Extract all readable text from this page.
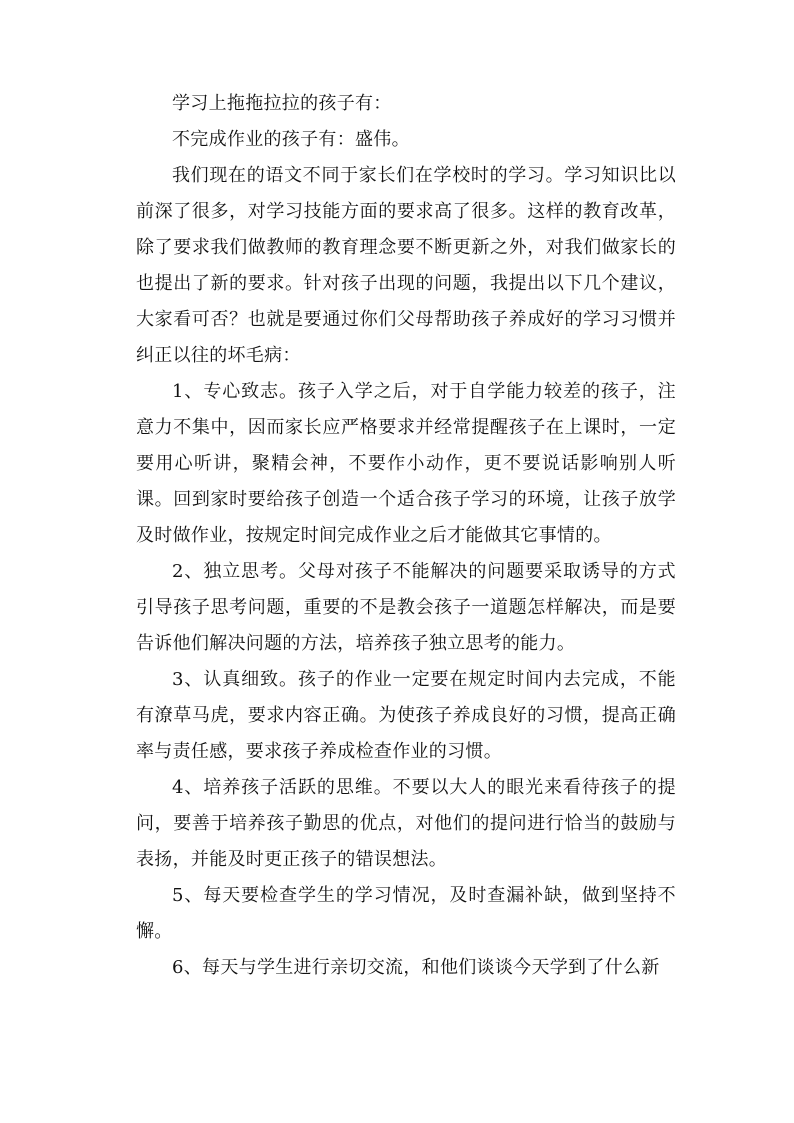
学习上拖拖拉拉的孩子有：

不完成作业的孩子有：盛伟。

我们现在的语文不同于家长们在学校时的学习。学习知识比以前深了很多，对学习技能方面的要求高了很多。这样的教育改革，除了要求我们做教师的教育理念要不断更新之外，对我们做家长的也提出了新的要求。针对孩子出现的问题，我提出以下几个建议，大家看可否？也就是要通过你们父母帮助孩子养成好的学习习惯并纠正以往的坏毛病：

1、专心致志。孩子入学之后，对于自学能力较差的孩子，注意力不集中，因而家长应严格要求并经常提醒孩子在上课时，一定要用心听讲，聚精会神，不要作小动作，更不要说话影响别人听课。回到家时要给孩子创造一个适合孩子学习的环境，让孩子放学及时做作业，按规定时间完成作业之后才能做其它事情的。

2、独立思考。父母对孩子不能解决的问题要采取诱导的方式引导孩子思考问题，重要的不是教会孩子一道题怎样解决，而是要告诉他们解决问题的方法，培养孩子独立思考的能力。

3、认真细致。孩子的作业一定要在规定时间内去完成，不能有潦草马虎，要求内容正确。为使孩子养成良好的习惯，提高正确率与责任感，要求孩子养成检查作业的习惯。

4、培养孩子活跃的思维。不要以大人的眼光来看待孩子的提问，要善于培养孩子勤思的优点，对他们的提问进行恰当的鼓励与表扬，并能及时更正孩子的错误想法。

5、每天要检查学生的学习情况，及时查漏补缺，做到坚持不懈。

6、每天与学生进行亲切交流，和他们谈谈今天学到了什么新
